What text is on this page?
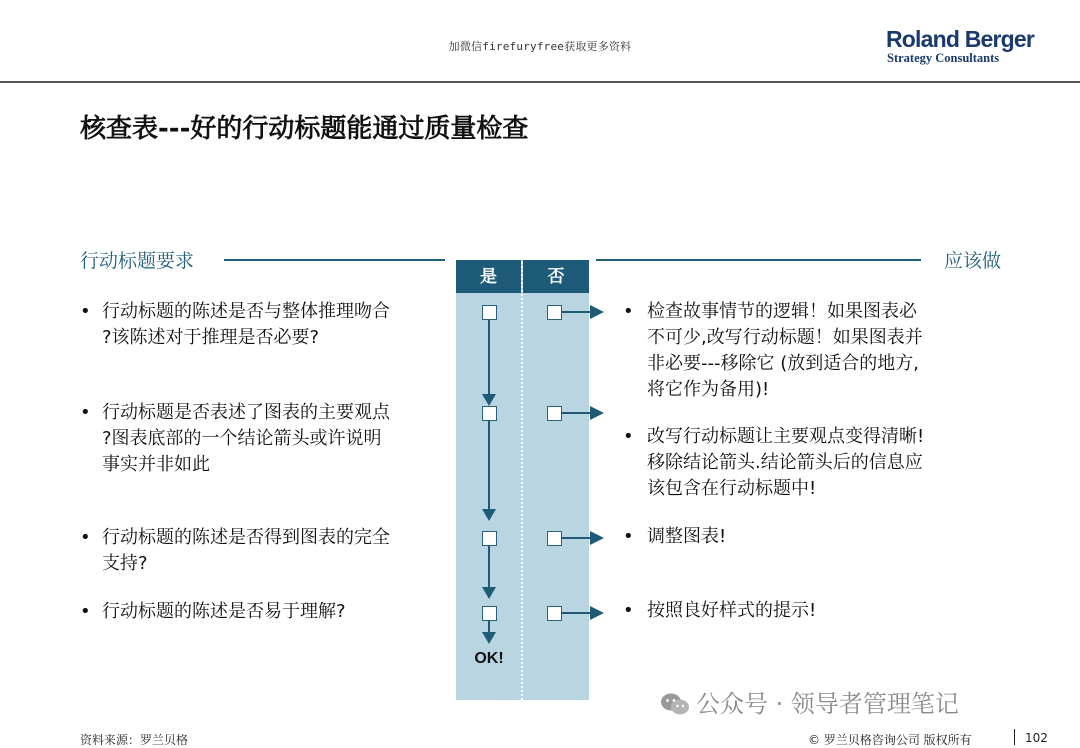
加微信firefuryfree获取更多资料	Roland Berger
Strategy Consultants
核查表---好的行动标题能通过质量检查
行动标题要求	应该做
是	否
OK!
• 行动标题的陈述是否与整体推理吻合
?该陈述对于推理是否必要?
• 行动标题是否表述了图表的主要观点
?图表底部的一个结论箭头或许说明
事实并非如此
• 行动标题的陈述是否得到图表的完全
支持?
• 行动标题的陈述是否易于理解?
• 检查故事情节的逻辑！如果图表必
不可少,改写行动标题！如果图表并
非必要---移除它 (放到适合的地方,
将它作为备用)!
• 改写行动标题让主要观点变得清晰!
移除结论箭头.结论箭头后的信息应
该包含在行动标题中!
• 调整图表!
• 按照良好样式的提示!
公众号 · 领导者管理笔记
资料来源：罗兰贝格	© 罗兰贝格咨询公司 版权所有	102
